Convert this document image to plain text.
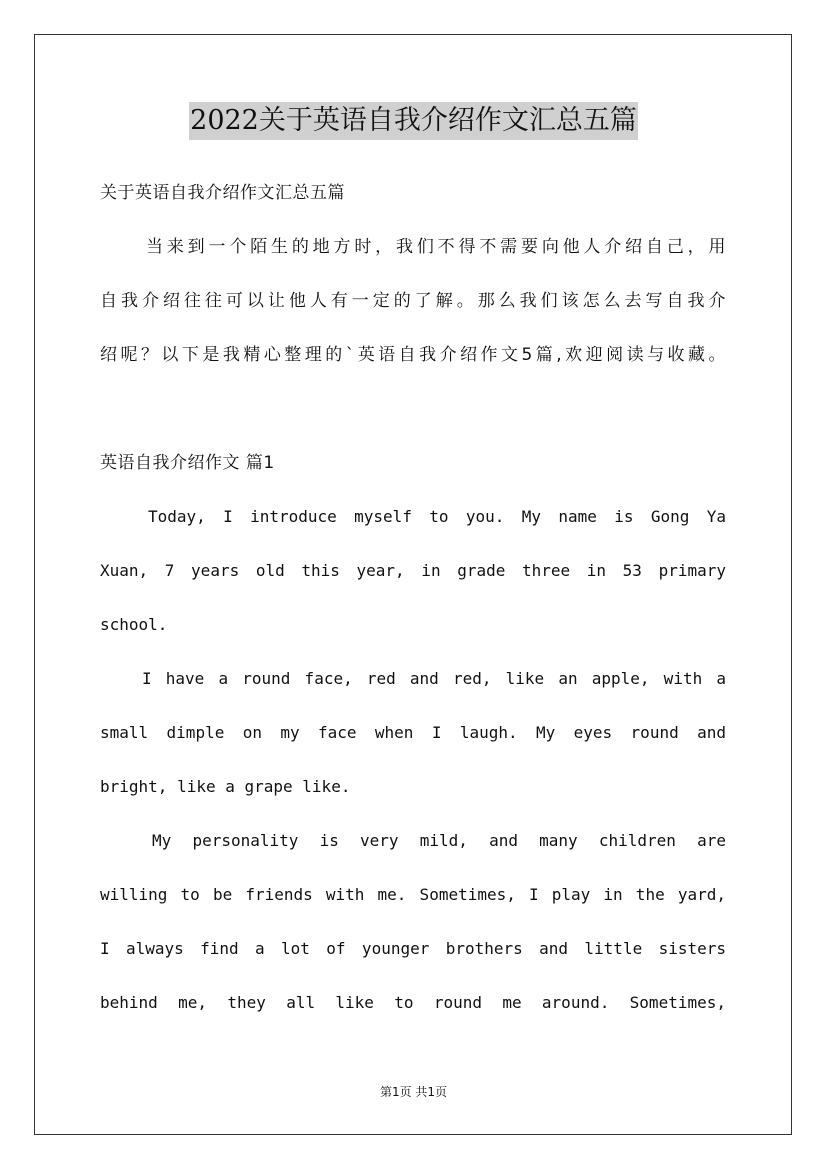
2022关于英语自我介绍作文汇总五篇
关于英语自我介绍作文汇总五篇
当来到一个陌生的地方时，我们不得不需要向他人介绍自己，用
自我介绍往往可以让他人有一定的了解。那么我们该怎么去写自我介
绍呢？以下是我精心整理的`英语自我介绍作文5篇,欢迎阅读与收藏。
英语自我介绍作文 篇1
Today, I introduce myself to you. My name is Gong Ya
Xuan, 7 years old this year, in grade three in 53 primary
school.
I have a round face, red and red, like an apple, with a
small dimple on my face when I laugh. My eyes round and
bright, like a grape like.
My personality is very mild, and many children are
willing to be friends with me. Sometimes, I play in the yard,
I always find a lot of younger brothers and little sisters
behind me, they all like to round me around. Sometimes,
第1页 共1页
